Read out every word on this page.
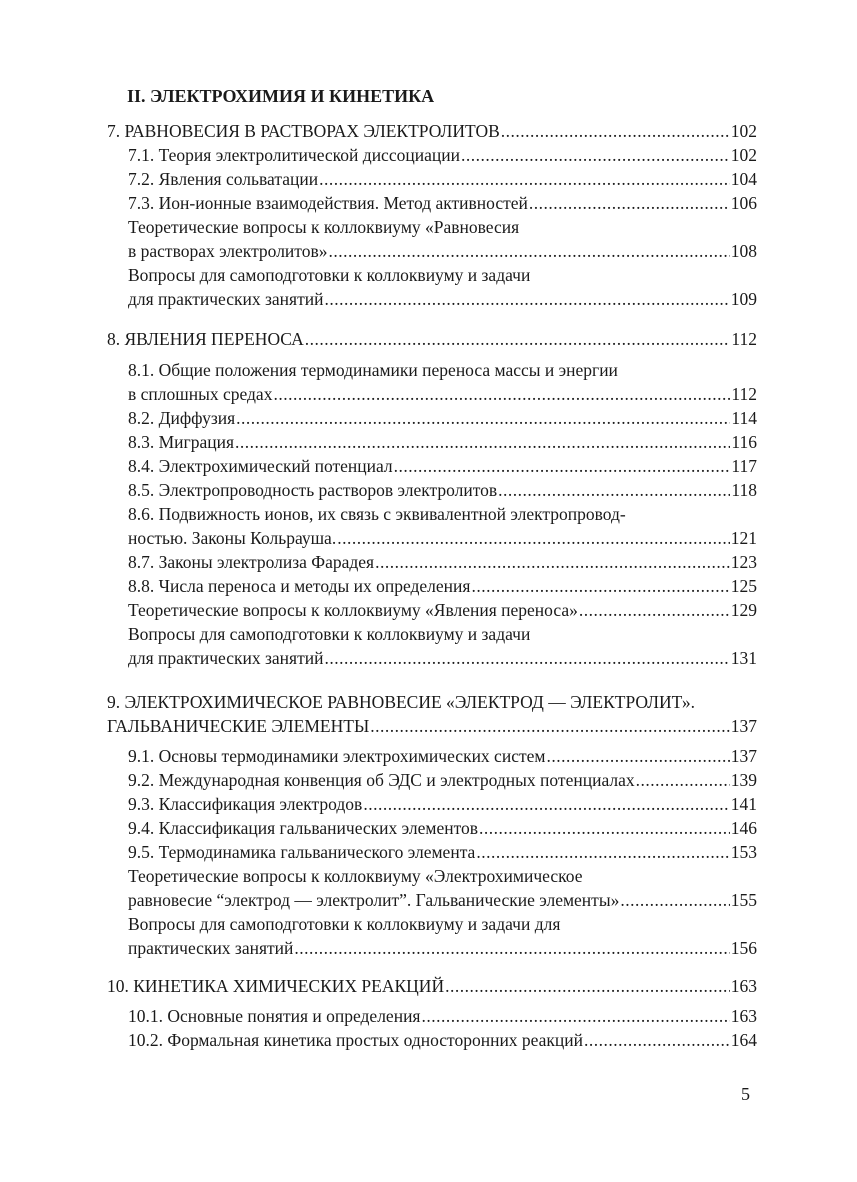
II. ЭЛЕКТРОХИМИЯ И КИНЕТИКА
7. РАВНОВЕСИЯ В РАСТВОРАХ ЭЛЕКТРОЛИТОВ .....	102
7.1. Теория электролитической диссоциации .....	102
7.2. Явления сольватации .....	104
7.3. Ион-ионные взаимодействия. Метод активностей .....	106
Теоретические вопросы к коллоквиуму «Равновесия
в растворах электролитов» .....	108
Вопросы для самоподготовки к коллоквиуму и задачи
для практических занятий .....	109
8. ЯВЛЕНИЯ ПЕРЕНОСА .....	112
8.1. Общие положения термодинамики переноса массы и энергии
в сплошных средах .....	112
8.2. Диффузия .....	114
8.3. Миграция .....	116
8.4. Электрохимический потенциал .....	117
8.5. Электропроводность растворов электролитов .....	118
8.6. Подвижность ионов, их связь с эквивалентной электропровод-
ностью. Законы Кольрауша. .....	121
8.7. Законы электролиза Фарадея .....	123
8.8. Числа переноса и методы их определения .....	125
Теоретические вопросы к коллоквиуму «Явления переноса» .....	129
Вопросы для самоподготовки к коллоквиуму и задачи
для практических занятий .....	131
9. ЭЛЕКТРОХИМИЧЕСКОЕ РАВНОВЕСИЕ «ЭЛЕКТРОД — ЭЛЕКТРОЛИТ».
ГАЛЬВАНИЧЕСКИЕ ЭЛЕМЕНТЫ .....	137
9.1. Основы термодинамики электрохимических систем .....	137
9.2. Международная конвенция об ЭДС и электродных потенциалах .....	139
9.3. Классификация электродов .....	141
9.4. Классификация гальванических элементов .....	146
9.5. Термодинамика гальванического элемента .....	153
Теоретические вопросы к коллоквиуму «Электрохимическое
равновесие “электрод — электролит”. Гальванические элементы» .....	155
Вопросы для самоподготовки к коллоквиуму и задачи для
практических занятий .....	156
10. КИНЕТИКА ХИМИЧЕСКИХ РЕАКЦИЙ .....	163
10.1. Основные понятия и определения .....	163
10.2. Формальная кинетика простых односторонних реакций .....	164
5
